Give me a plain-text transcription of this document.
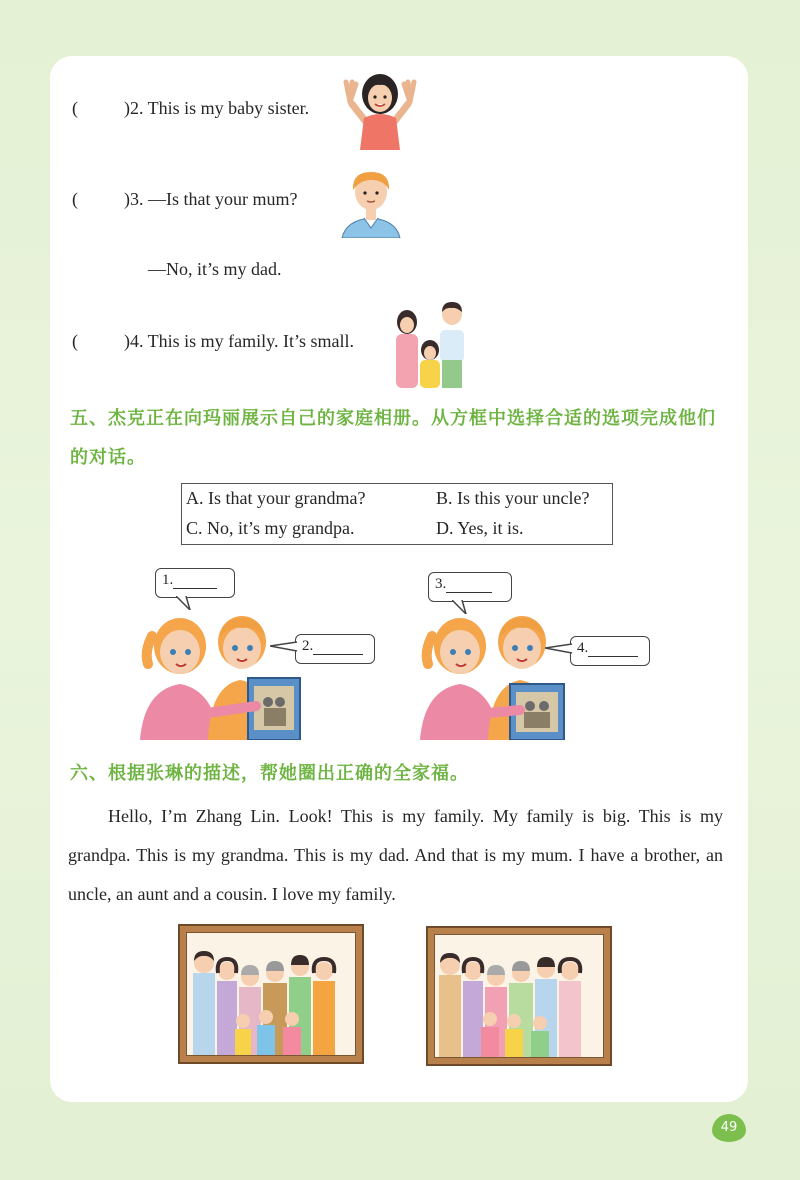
(	)2. This is my baby sister.
(	)3. —Is that your mum?
—No, it’s my dad.
(	)4. This is my family. It’s small.
五、杰克正在向玛丽展示自己的家庭相册。从方框中选择合适的选项完成他们
的对话。
A. Is that your grandma?	B. Is this your uncle?
C. No, it’s my grandpa.	D. Yes, it is.
1.
2.
3.
4.
六、根据张琳的描述，帮她圈出正确的全家福。
Hello, I’m Zhang Lin. Look! This is my family. My family is big. This is my grandpa. This is my grandma. This is my dad. And that is my mum. I have a brother, an uncle, an aunt and a cousin. I love my family.
49
